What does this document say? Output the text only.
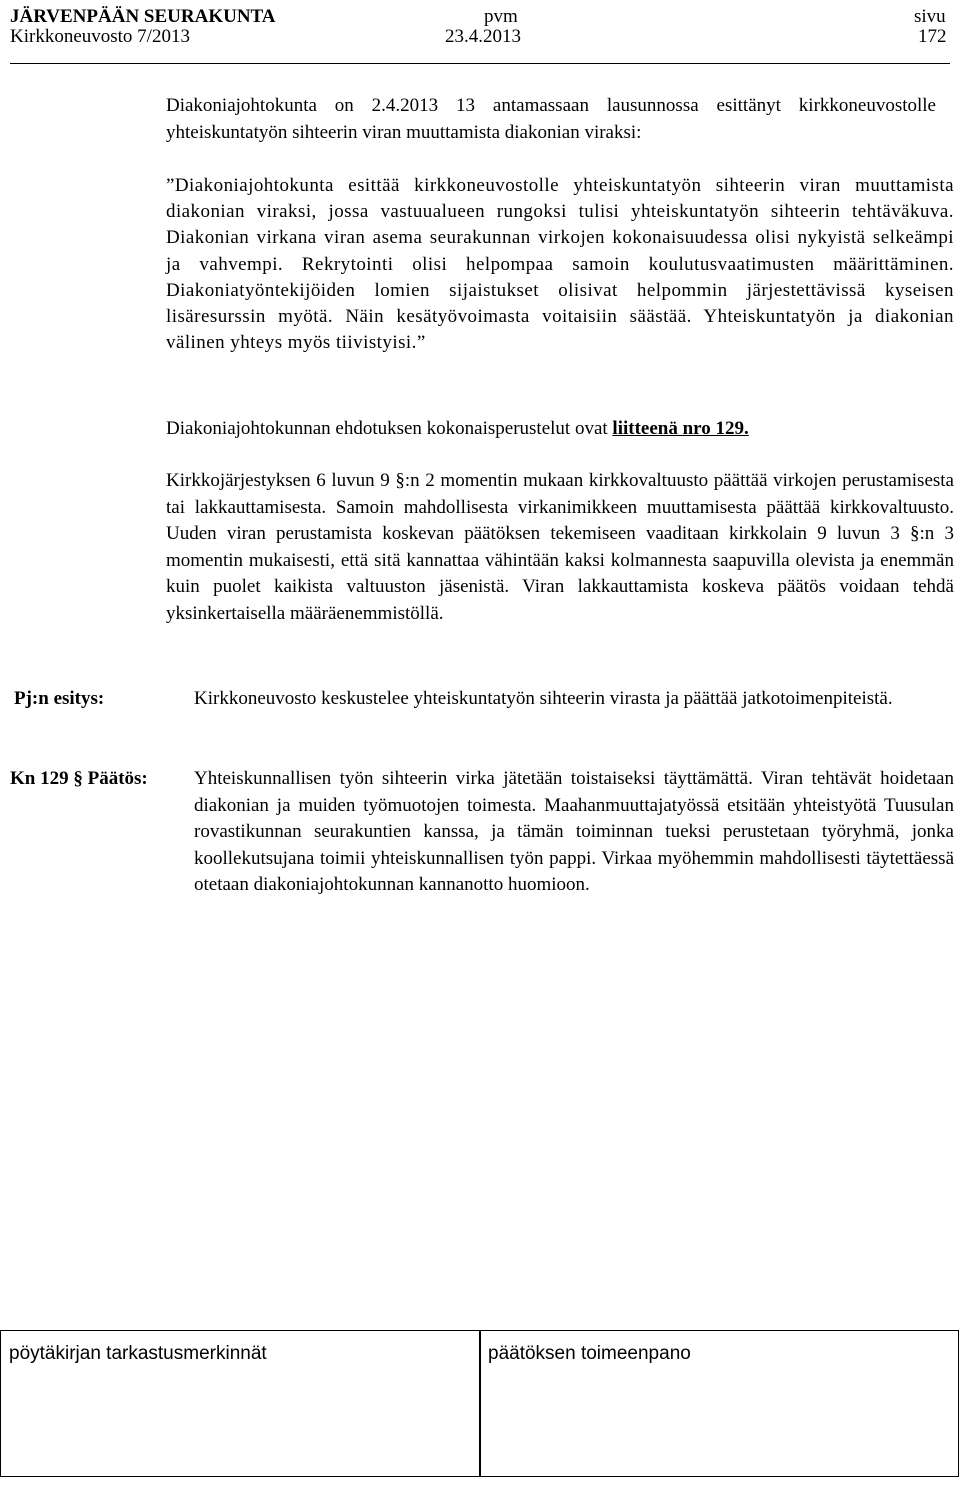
JÄRVENPÄÄN SEURAKUNTA
Kirkkoneuvosto 7/2013
pvm
23.4.2013
sivu
172

Diakoniajohtokunta on 2.4.2013 13 antamassaan lausunnossa esittänyt kirkkoneuvostolle yhteiskuntatyön sihteerin viran muuttamista diakonian viraksi:

”Diakoniajohtokunta esittää kirkkoneuvostolle yhteiskuntatyön sihteerin viran muuttamista diakonian viraksi, jossa vastuualueen rungoksi tulisi yhteiskuntatyön sihteerin tehtäväkuva. Diakonian virkana viran asema seurakunnan virkojen kokonaisuudessa olisi nykyistä selkeämpi ja vahvempi. Rekrytointi olisi helpompaa samoin koulutusvaatimusten määrittäminen. Diakoniatyöntekijöiden lomien sijaistukset olisivat helpommin järjestettävissä kyseisen lisäresurssin myötä. Näin kesätyövoimasta voitaisiin säästää. Yhteiskuntatyön ja diakonian välinen yhteys myös tiivistyisi.”

Diakoniajohtokunnan ehdotuksen kokonaisperustelut ovat liitteenä nro 129.

Kirkkojärjestyksen 6 luvun 9 §:n 2 momentin mukaan kirkkovaltuusto päättää virkojen perustamisesta tai lakkauttamisesta. Samoin mahdollisesta virkanimikkeen muuttamisesta päättää kirkkovaltuusto. Uuden viran perustamista koskevan päätöksen tekemiseen vaaditaan kirkkolain 9 luvun 3 §:n 3 momentin mukaisesti, että sitä kannattaa vähintään kaksi kolmannesta saapuvilla olevista ja enemmän kuin puolet kaikista valtuuston jäsenistä. Viran lakkauttamista koskeva päätös voidaan tehdä yksinkertaisella määräenemmistöllä.

Pj:n esitys:	Kirkkoneuvosto keskustelee yhteiskuntatyön sihteerin virasta ja päättää jatkotoimenpiteistä.

Kn 129 § Päätös: Yhteiskunnallisen työn sihteerin virka jätetään toistaiseksi täyttämättä. Viran tehtävät hoidetaan diakonian ja muiden työmuotojen toimesta. Maahanmuuttajatyössä etsitään yhteistyötä Tuusulan rovastikunnan seurakuntien kanssa, ja tämän toiminnan tueksi perustetaan työryhmä, jonka koollekutsujana toimii yhteiskunnallisen työn pappi. Virkaa myöhemmin mahdollisesti täytettäessä otetaan diakoniajohtokunnan kannanotto huomioon.

pöytäkirjan tarkastusmerkinnät	päätöksen toimeenpano
